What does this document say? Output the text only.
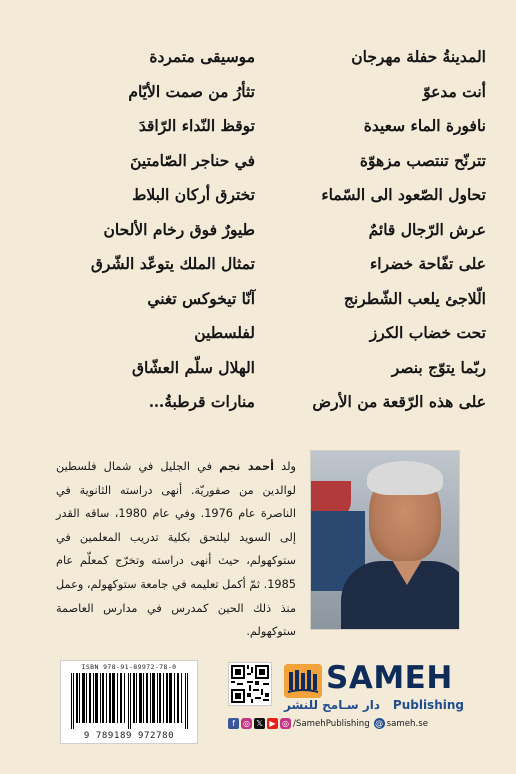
المدينةُ حفلة مهرجان
أنت مدعوّ
نافورة الماء سعيدة
تترنّح تنتصب مزهوّة
تحاول الصّعود الى السّماء
عرش الرّجال قائمٌ
على تفّاحة خضراء
الّلاجئ يلعب الشّطرنج
تحت خضاب الكرز
ربّما يتوّج بنصر
على هذه الرّقعة من الأرض
موسيقى متمردة
تثأرُ من صمت الأيّام
توقظ النّداء الرّاقدَ
في حناجر الصّامتينَ
تخترق أركان البلاط
طيورٌ فوق رخام الألحان
تمثال الملك يتوعّد الشّرق
آنّا تيخوكس تغني
لفلسطين
الهلال سلّم العشّاق
منارات قرطبةُ…
ولد أحمد نجم في الجليل في شمال فلسطين لوالدين من صفوريّة. أنهى دراسته الثانوية في الناصرة عام 1976. وفي عام 1980، ساقه القدر إلى السويد ليلتحق بكلية تدريب المعلمين في ستوكهولم، حيث أنهى دراسته وتخرّج كمعلّم عام 1985. ثمّ أكمل تعليمه في جامعة ستوكهولم، وعمل منذ ذلك الحين كمدرس في مدارس العاصمة ستوكهولم.
ISBN 978-91-89972-78-0
9 789189 972780
SAMEH
دار سـامح للنشر Publishing
f	◎ 𝕏 ▶ ◎ /SamehPublishing @ sameh.se
